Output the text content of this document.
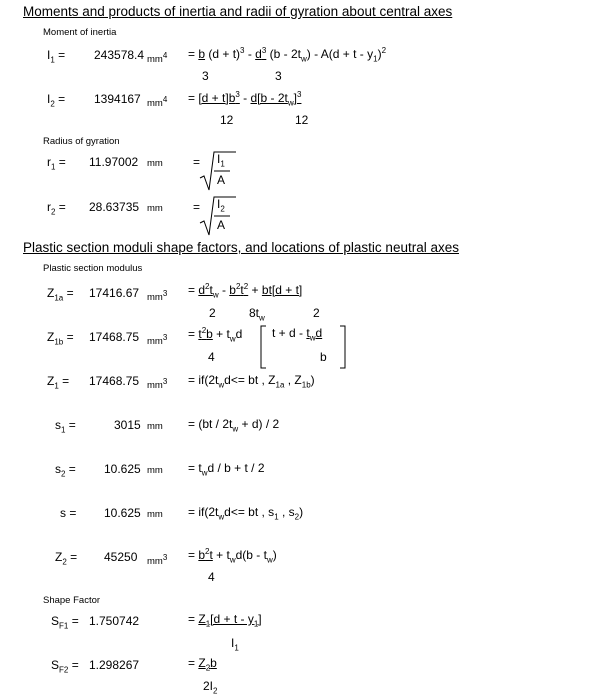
Moments and products of inertia and radii of gyration about central axes
Moment of inertia
$I_1 = 243578.4$ $mm^4 = b$ $(d + t)^3 - d^3$ $(b - 2t_w) - A(d + t - y_1)^2$
3	3
$I_2 = 1394167$ $mm^4 = [d + t]b^3 - d[b - 2t_w]^3$
12	12
Radius of gyration
$r_1 = 11.97002$ mm	= $I_1$
A
$r_2 = 28.63735$ mm	= $I_2$
A
Plastic section moduli shape factors, and locations of plastic neutral axes
Plastic section modulus
$Z_{1a} = 17416.67$ $mm^3 = d^2t_w - b^2t^2 + bt[d + t]$
2	$8t_w$	2
$Z_{1b} = 17468.75$ $mm^3 = t^2b + t_wd$ $t + d - t_wd$
4	b
$Z_1 = 17468.75$ $mm^3 = if(2t_wd<=$ bt , $Z_{1a}$ , $Z_{1b}$)
$s_1$ =	3015 mm = $(bt / 2t_w + d) / 2$
$s_2 = 10.625$ mm = $t_wd / b + t / 2$
s = 10.625 mm = $if(2t_wd<=$ bt , $s_1$ , $s_2$)
$Z_2 = 45250$ $mm^3 = b^2t + t_wd(b - t_w)$
4
Shape Factor
$S_{F1} = 1.750742$	= $Z_1[d + t - y_1]$
$I_1$
$S_{F2} = 1.298267$	= $Z_2b$
$2I_2$
